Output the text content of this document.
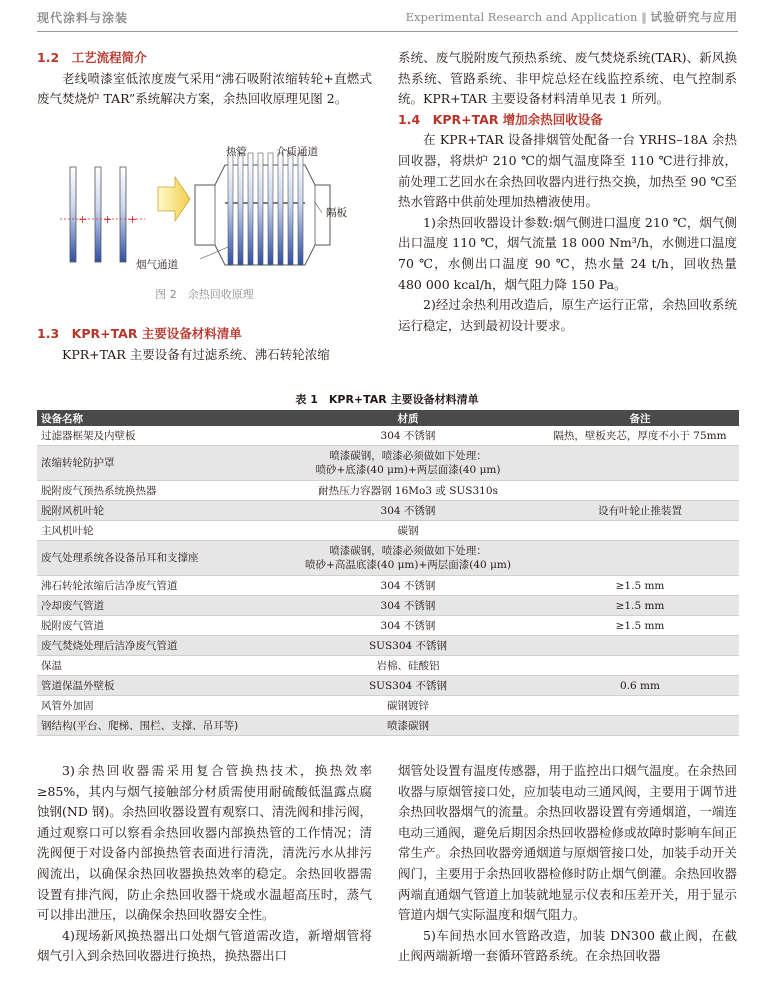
现代涂料与涂装	Experimental Research and Application ‖ 试验研究与应用
1.2　工艺流程简介

老线喷漆室低浓度废气采用“沸石吸附浓缩转轮+直燃式废气焚烧炉 TAR”系统解决方案，余热回收原理见图 2。

+ + +
热管	介质通道
隔板
烟气通道
图 2　余热回收原理
1.3　KPR+TAR 主要设备材料清单

KPR+TAR 主要设备有过滤系统、沸石转轮浓缩

系统、废气脱附废气预热系统、废气焚烧系统(TAR)、新风换热系统、管路系统、非甲烷总烃在线监控系统、电气控制系统。KPR+TAR 主要设备材料清单见表 1 所列。

1.4　KPR+TAR 增加余热回收设备

在 KPR+TAR 设备排烟管处配备一台 YRHS–18A 余热回收器，将烘炉 210 ℃的烟气温度降至 110 ℃进行排放，前处理工艺回水在余热回收器内进行热交换，加热至 90 ℃至热水管路中供前处理加热槽液使用。

1)余热回收器设计参数:烟气侧进口温度 210 ℃，烟气侧出口温度 110 ℃，烟气流量 18 000 Nm³/h，水侧进口温度 70 ℃，水侧出口温度 90 ℃，热水量 24 t/h，回收热量 480 000 kcal/h，烟气阻力降 150 Pa。

2)经过余热利用改造后，原生产运行正常，余热回收系统运行稳定，达到最初设计要求。

表 1　KPR+TAR 主要设备材料清单
设备名称	材质	备注
过滤器框架及内壁板	304 不锈钢	隔热，壁板夹芯，厚度不小于 75mm
浓缩转轮防护罩	喷漆碳钢，喷漆必须做如下处理：
喷砂+底漆(40 μm)+两层面漆(40 μm)	
脱附废气预热系统换热器	耐热压力容器钢 16Mo3 或 SUS310s	
脱附风机叶轮	304 不锈钢	设有叶轮止推装置
主风机叶轮	碳钢	
废气处理系统各设备吊耳和支撑座	喷漆碳钢，喷漆必须做如下处理：
喷砂+高温底漆(40 μm)+两层面漆(40 μm)	
沸石转轮浓缩后洁净废气管道	304 不锈钢	≥1.5 mm
冷却废气管道	304 不锈钢	≥1.5 mm
脱附废气管道	304 不锈钢	≥1.5 mm
废气焚烧处理后洁净废气管道	SUS304 不锈钢	
保温	岩棉、硅酸铝	
管道保温外壁板	SUS304 不锈钢	0.6 mm
风管外加固	碳钢镀锌	
钢结构(平台、爬梯、围栏、支撑、吊耳等)	喷漆碳钢	

3)余热回收器需采用复合管换热技术，换热效率≥85%，其内与烟气接触部分材质需使用耐硫酸低温露点腐蚀钢(ND 钢)。余热回收器设置有观察口、清洗阀和排污阀，通过观察口可以察看余热回收器内部换热管的工作情况；清洗阀便于对设备内部换热管表面进行清洗，清洗污水从排污阀流出，以确保余热回收器换热效率的稳定。余热回收器需设置有排汽阀，防止余热回收器干烧或水温超高压时，蒸气可以排出泄压，以确保余热回收器安全性。

4)现场新风换热器出口处烟气管道需改造，新增烟管将烟气引入到余热回收器进行换热，换热器出口

烟管处设置有温度传感器，用于监控出口烟气温度。在余热回收器与原烟管接口处，应加装电动三通风阀，主要用于调节进余热回收器烟气的流量。余热回收器设置有旁通烟道，一端连电动三通阀，避免后期因余热回收器检修或故障时影响车间正常生产。余热回收器旁通烟道与原烟管接口处，加装手动开关阀门，主要用于余热回收器检修时防止烟气倒灌。余热回收器两端直通烟气管道上加装就地显示仪表和压差开关，用于显示管道内烟气实际温度和烟气阻力。

5)车间热水回水管路改造，加装 DN300 截止阀，在截止阀两端新增一套循环管路系统。在余热回收器
